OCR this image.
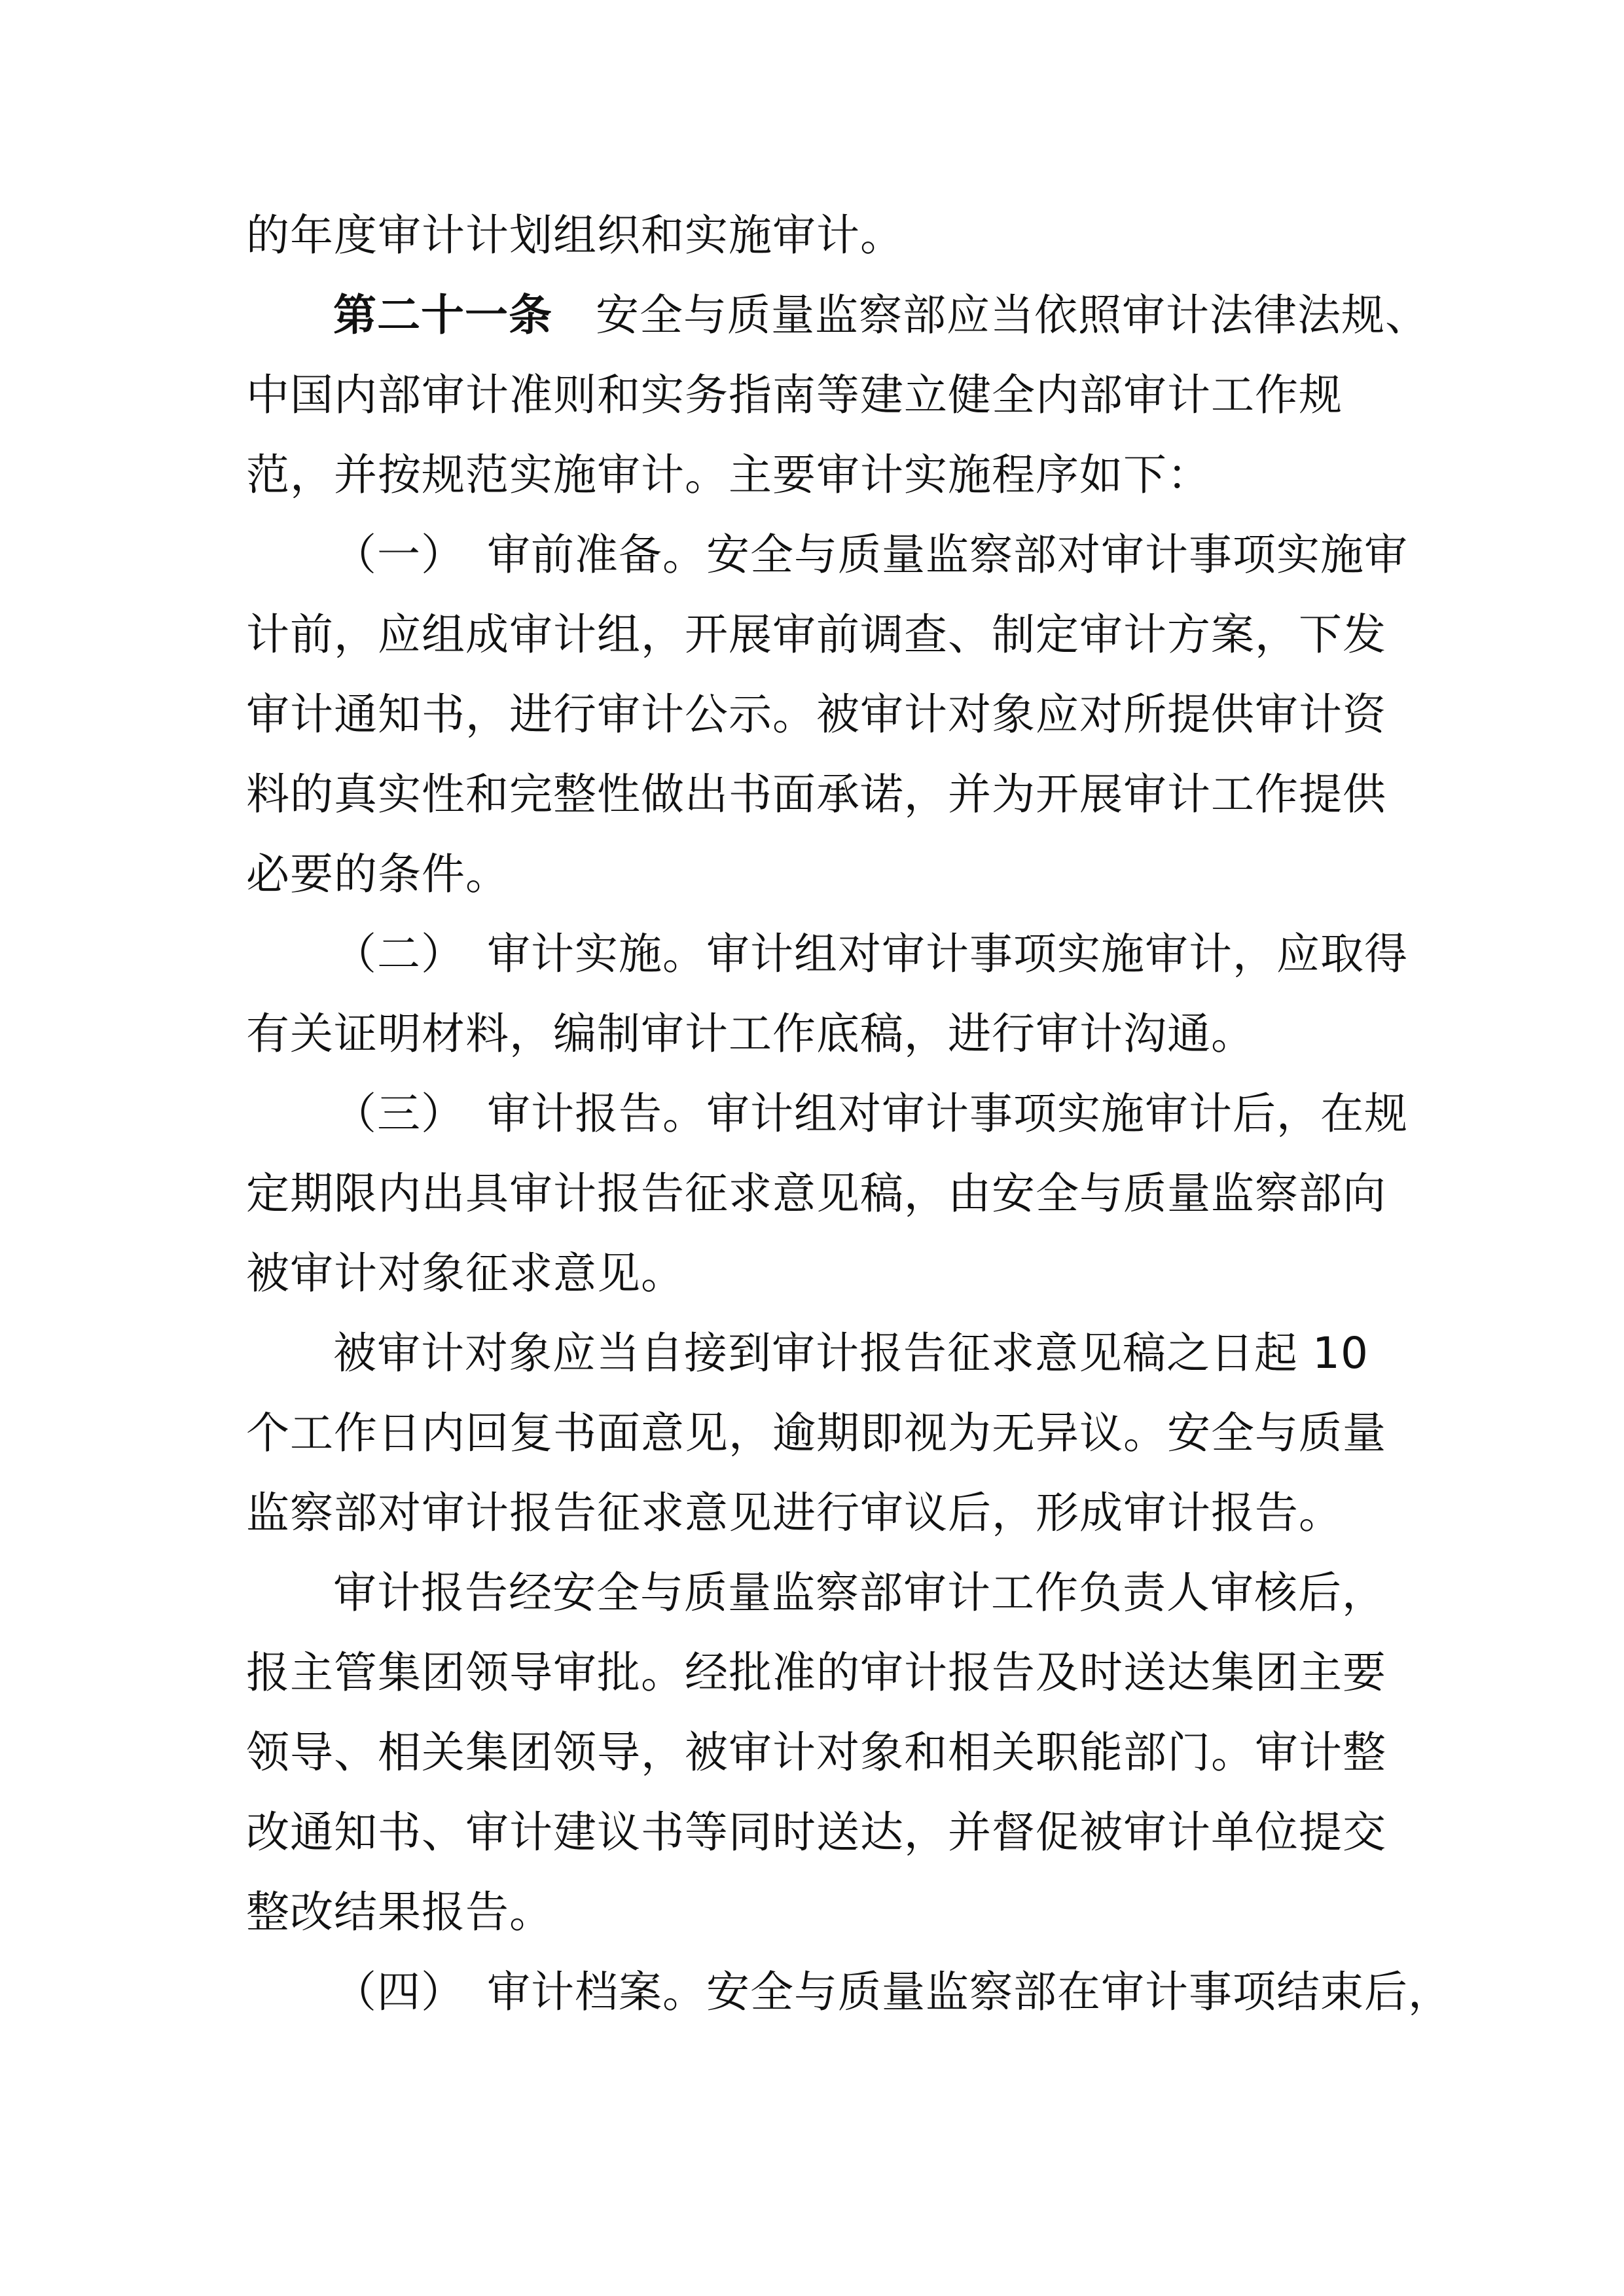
的年度审计计划组织和实施审计。
第二十一条 安全与质量监察部应当依照审计法律法规、
中国内部审计准则和实务指南等建立健全内部审计工作规
范，并按规范实施审计。主要审计实施程序如下：
（一）　审前准备。安全与质量监察部对审计事项实施审
计前，应组成审计组，开展审前调查、制定审计方案，下发
审计通知书，进行审计公示。被审计对象应对所提供审计资
料的真实性和完整性做出书面承诺，并为开展审计工作提供
必要的条件。
（二）　审计实施。审计组对审计事项实施审计，应取得
有关证明材料，编制审计工作底稿，进行审计沟通。
（三）　审计报告。审计组对审计事项实施审计后，在规
定期限内出具审计报告征求意见稿，由安全与质量监察部向
被审计对象征求意见。
被审计对象应当自接到审计报告征求意见稿之日起 10
个工作日内回复书面意见，逾期即视为无异议。安全与质量
监察部对审计报告征求意见进行审议后，形成审计报告。
审计报告经安全与质量监察部审计工作负责人审核后，
报主管集团领导审批。经批准的审计报告及时送达集团主要
领导、相关集团领导，被审计对象和相关职能部门。审计整
改通知书、审计建议书等同时送达，并督促被审计单位提交
整改结果报告。
（四）　审计档案。安全与质量监察部在审计事项结束后，
